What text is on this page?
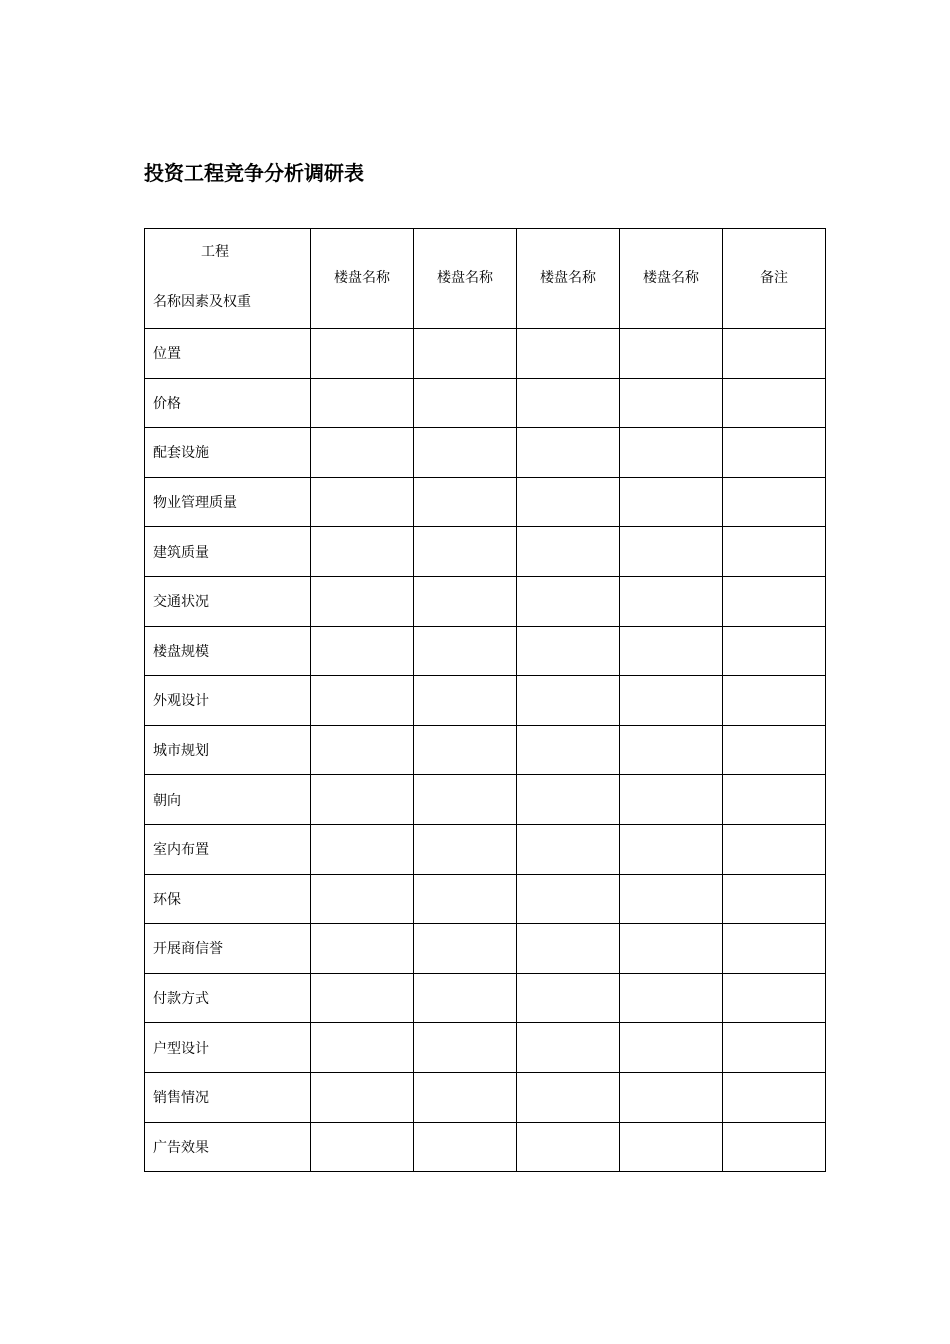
投资工程竞争分析调研表
工程
名称因素及权重	楼盘名称	楼盘名称	楼盘名称	楼盘名称	备注
位置					
价格					
配套设施					
物业管理质量					
建筑质量					
交通状况					
楼盘规模					
外观设计					
城市规划					
朝向					
室内布置					
环保					
开展商信誉					
付款方式					
户型设计					
销售情况					
广告效果					
